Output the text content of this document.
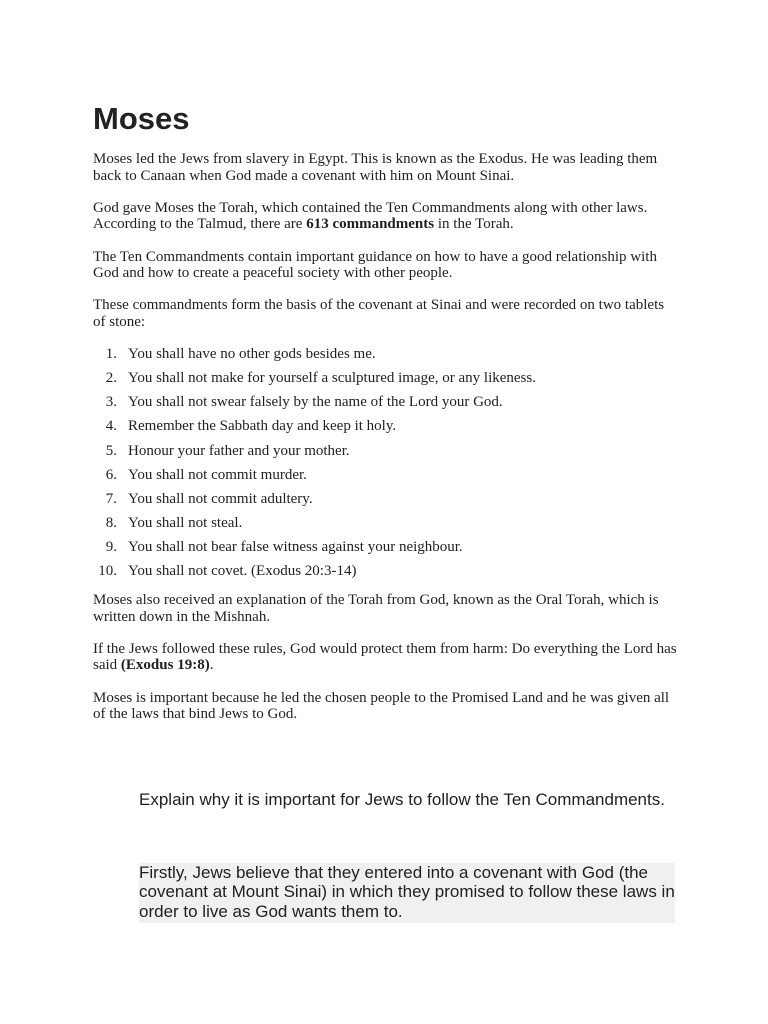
Moses

Moses led the Jews from slavery in Egypt. This is known as the Exodus. He was leading them back to Canaan when God made a covenant with him on Mount Sinai.

God gave Moses the Torah, which contained the Ten Commandments along with other laws. According to the Talmud, there are 613 commandments in the Torah.

The Ten Commandments contain important guidance on how to have a good relationship with God and how to create a peaceful society with other people.

These commandments form the basis of the covenant at Sinai and were recorded on two tablets of stone:

1. You shall have no other gods besides me.
2. You shall not make for yourself a sculptured image, or any likeness.
3. You shall not swear falsely by the name of the Lord your God.
4. Remember the Sabbath day and keep it holy.
5. Honour your father and your mother.
6. You shall not commit murder.
7. You shall not commit adultery.
8. You shall not steal.
9. You shall not bear false witness against your neighbour.
10. You shall not covet. (Exodus 20:3-14)

Moses also received an explanation of the Torah from God, known as the Oral Torah, which is written down in the Mishnah.

If the Jews followed these rules, God would protect them from harm: Do everything the Lord has said (Exodus 19:8).

Moses is important because he led the chosen people to the Promised Land and he was given all of the laws that bind Jews to God.

Explain why it is important for Jews to follow the Ten Commandments.

Firstly, Jews believe that they entered into a covenant with God (the covenant at Mount Sinai) in which they promised to follow these laws in order to live as God wants them to.
